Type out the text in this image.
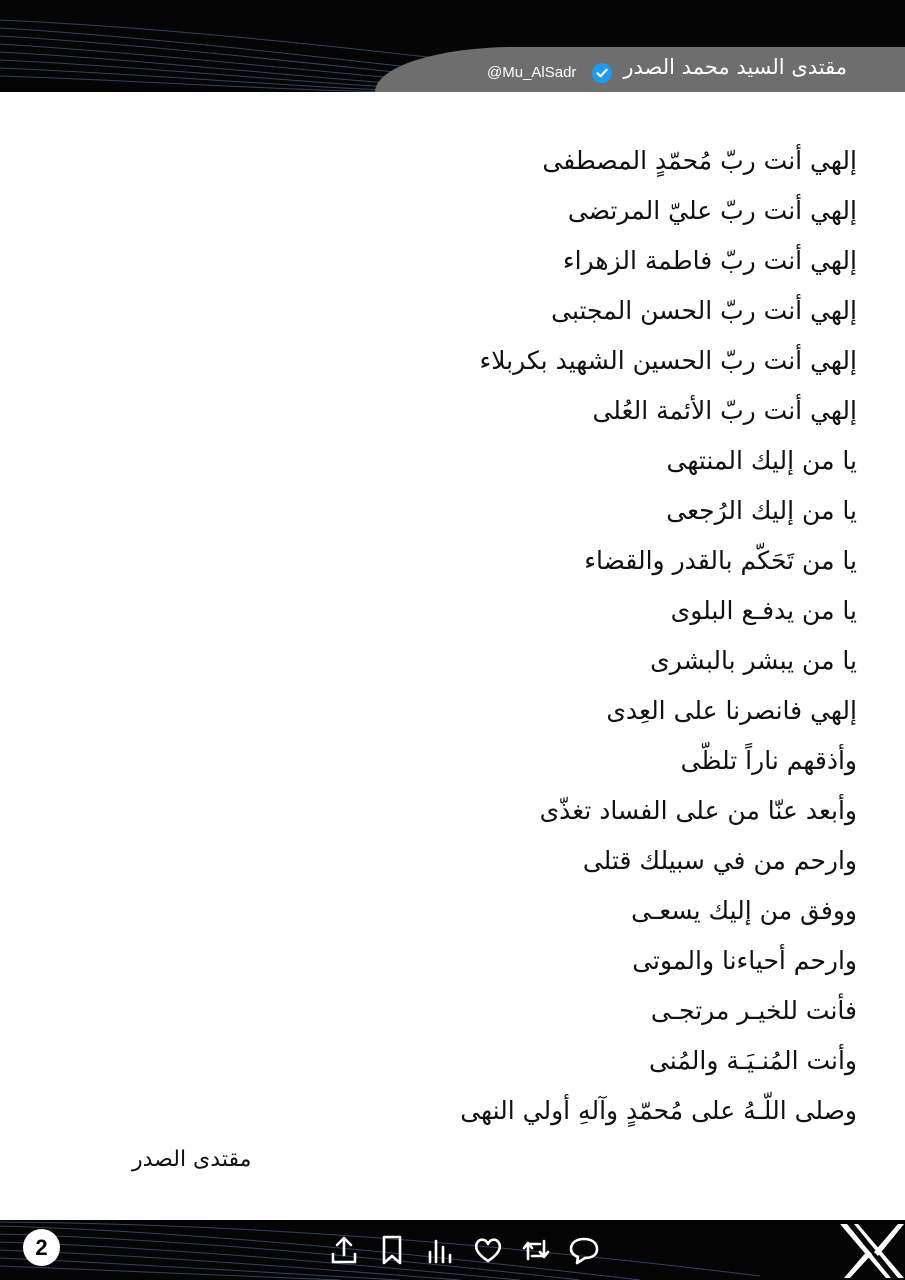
مقتدى السيد محمد الصدر
@Mu_AlSadr
إلهي أنت ربّ مُحمّدٍ المصطفى
إلهي أنت ربّ عليّ المرتضى
إلهي أنت ربّ فاطمة الزهراء
إلهي أنت ربّ الحسن المجتبى
إلهي أنت ربّ الحسين الشهيد بكربلاء
إلهي أنت ربّ الأئمة العُلى
يا من إليك المنتهى
يا من إليك الرُجعى
يا من تَحَكّم بالقدر والقضاء
يا من يدفـع البلوى
يا من يبشر بالبشرى
إلهي فانصرنا على العِدى
وأذقهم ناراً تلظّى
وأبعد عنّا من على الفساد تغذّى
وارحم من في سبيلك قتلى
ووفق من إليك يسعـى
وارحم أحياءنا والموتى
فأنت للخيـر مرتجـى
وأنت المُنـيَـة والمُنى
وصلى اللّـهُ على مُحمّدٍ وآلهِ أولي النهى
مقتدى الصدر
2
